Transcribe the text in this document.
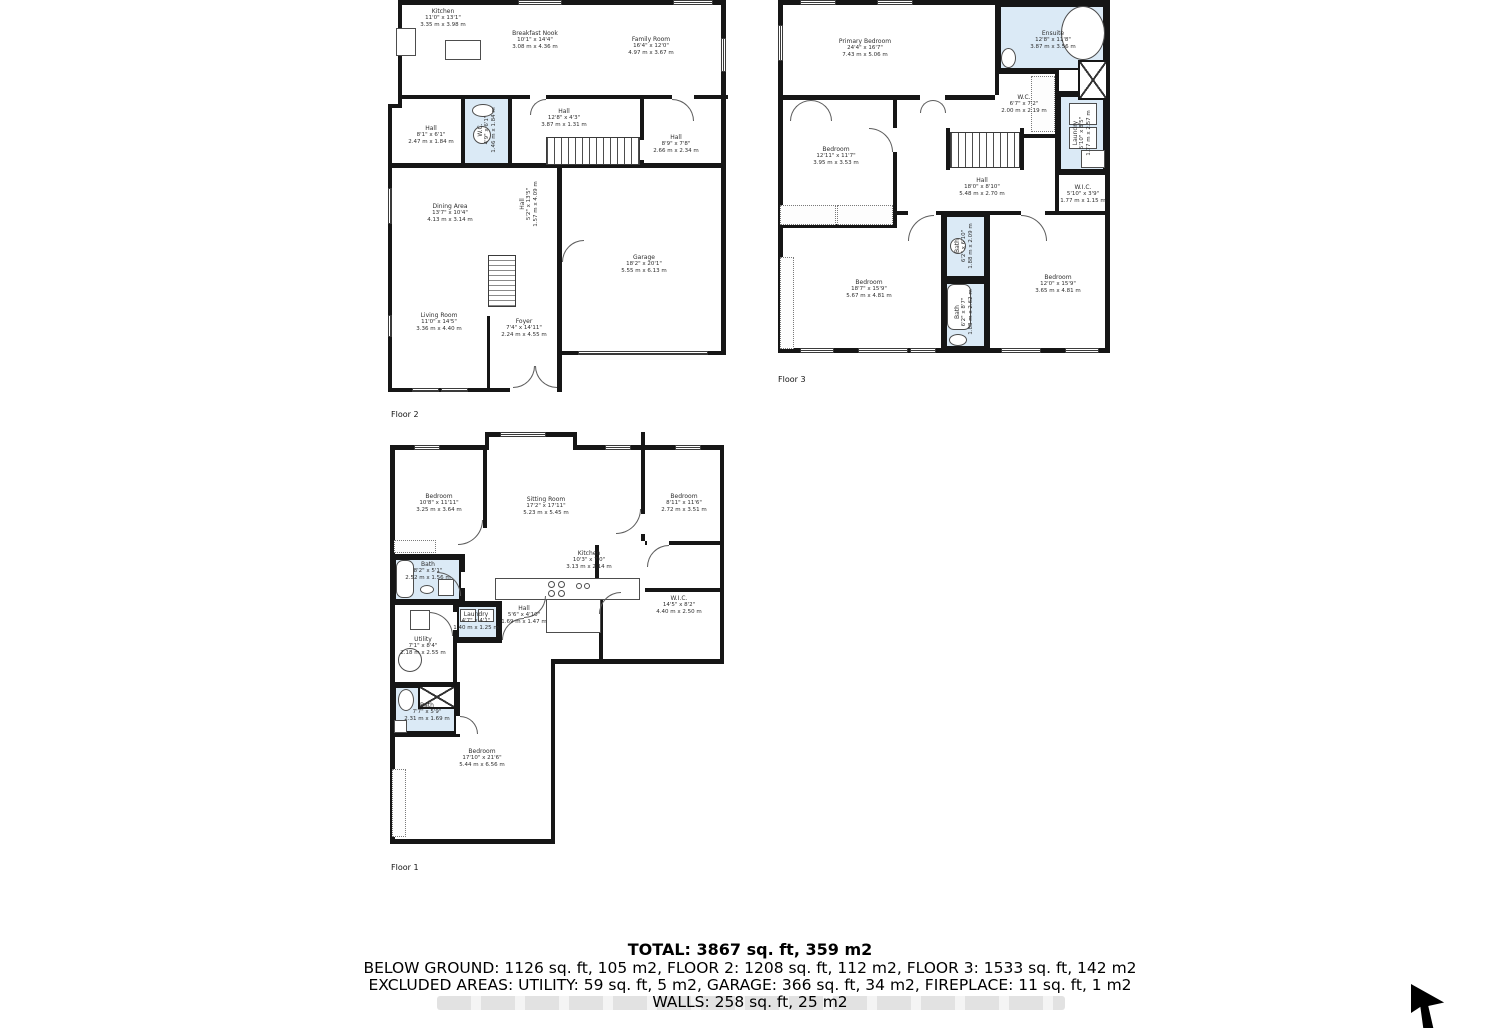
Kitchen
11'0" x 13'1"
3.35 m x 3.98 m
Breakfast Nook
10'1" x 14'4"
3.08 m x 4.36 m
Family Room
16'4" x 12'0"
4.97 m x 3.67 m
Hall
8'1" x 6'1"
2.47 m x 1.84 m
W.C. 4'9" x 6'1" 1.46 m x 1.84 m	Hall
12'8" x 4'3"
3.87 m x 1.31 m
Hall
8'9" x 7'8"
2.66 m x 2.34 m
Dining Area
13'7" x 10'4"
4.13 m x 3.14 m
Hall 5'2" x 13'5" 1.57 m x 4.09 m
Garage
18'2" x 20'1"
5.55 m x 6.13 m
Living Room
11'0" x 14'5"
3.36 m x 4.40 m
Foyer
7'4" x 14'11"
2.24 m x 4.55 m
Primary Bedroom
24'4" x 16'7"
7.43 m x 5.06 m
Ensuite
12'8" x 11'8"
3.87 m x 3.56 m
W.C.
6'7" x 7'2"
2.00 m x 2.19 m
Laundry 5'10" x 8'5" 1.77 m x 2.57 m
Bedroom
12'11" x 11'7"
3.95 m x 3.53 m
Hall
18'0" x 8'10"
5.48 m x 2.70 m
W.I.C.
5'10" x 3'9"
1.77 m x 1.15 m
Bath 6'2" x 6'10" 1.88 m x 2.09 m
Bath 6'2" x 8'7" 1.88 m x 2.62 m
Bedroom
18'7" x 15'9"
5.67 m x 4.81 m
Bedroom
12'0" x 15'9"
3.65 m x 4.81 m
Bedroom
10'8" x 11'11"
3.25 m x 3.64 m
Sitting Room
17'2" x 17'11"
5.23 m x 5.45 m
Bedroom
8'11" x 11'6"
2.72 m x 3.51 m
Kitchen
10'3" x 7'0"
3.13 m x 2.14 m
Bath
8'2" x 5'1"
2.52 m x 1.56 m
W.I.C.
14'5" x 8'2"
4.40 m x 2.50 m
Hall
5'6" x 4'10"
1.69 m x 1.47 m
Laundry
4'7" x 4'1"
1.40 m x 1.25 m
Utility
7'1" x 8'4"
2.18 m x 2.55 m
Bath
7'7" x 5'9"
2.31 m x 1.69 m
Bedroom
17'10" x 21'6"
5.44 m x 6.56 m
Floor 2
Floor 3
Floor 1
TOTAL: 3867 sq. ft, 359 m2
BELOW GROUND: 1126 sq. ft, 105 m2, FLOOR 2: 1208 sq. ft, 112 m2, FLOOR 3: 1533 sq. ft, 142 m2
EXCLUDED AREAS: UTILITY: 59 sq. ft, 5 m2, GARAGE: 366 sq. ft, 34 m2, FIREPLACE: 11 sq. ft, 1 m2
WALLS: 258 sq. ft, 25 m2
